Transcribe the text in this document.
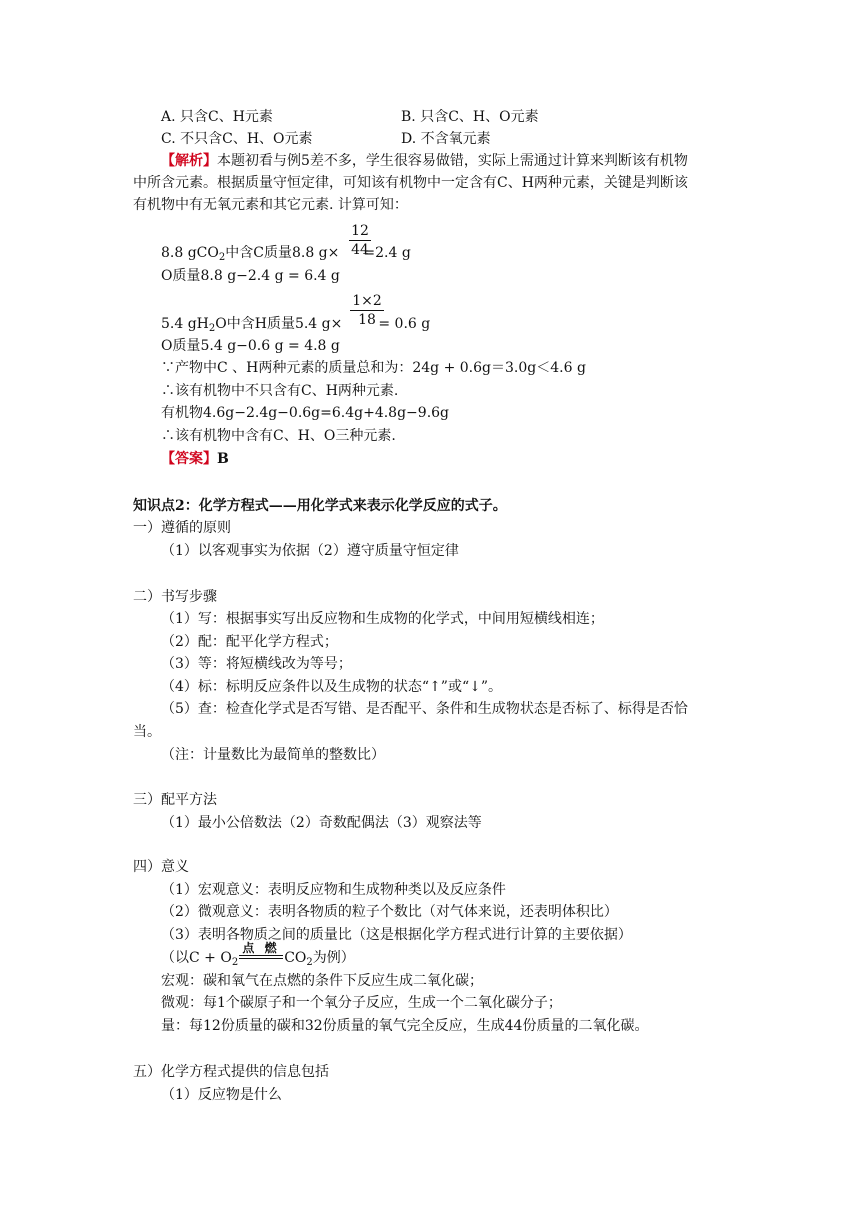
A. 只含C、H元素	B. 只含C、H、O元素
C. 不只含C、H、O元素	D. 不含氧元素
【解析】本题初看与例5差不多，学生很容易做错，实际上需通过计算来判断该有机物
中所含元素。根据质量守恒定律，可知该有机物中一定含有C、H两种元素，关键是判断该
有机物中有无氧元素和其它元素. 计算可知：
8.8 gCO$_2$中含C质量8.8 g× =2.4 g
12
44
O质量8.8 g−2.4 g = 6.4 g
5.4 $gH_2O$中含H质量5.4 g×	= 0.6 g
1×2
18
O质量5.4 g−0.6 g = 4.8 g
∵产物中C 、H两种元素的质量总和为：24g + 0.6g＝3.0g＜4.6 g
∴该有机物中不只含有C、H两种元素.
有机物4.6g−2.4g−0.6g=6.4g+4.8g−9.6g
∴该有机物中含有C、H、O三种元素.
【答案】B
知识点2：化学方程式——用化学式来表示化学反应的式子。
一）遵循的原则
（1）以客观事实为依据（2）遵守质量守恒定律
二）书写步骤
（1）写：根据事实写出反应物和生成物的化学式，中间用短横线相连；
（2）配：配平化学方程式；
（3）等：将短横线改为等号；
（4）标：标明反应条件以及生成物的状态“↑”或“↓”。
（5）查：检查化学式是否写错、是否配平、条件和生成物状态是否标了、标得是否恰
当。
（注：计量数比为最简单的整数比）
三）配平方法
（1）最小公倍数法（2）奇数配偶法（3）观察法等
四）意义
（1）宏观意义：表明反应物和生成物种类以及反应条件
（2）微观意义：表明各物质的粒子个数比（对气体来说，还表明体积比）
（3）表明各物质之间的质量比（这是根据化学方程式进行计算的主要依据）
（以$C + O_2$	$CO_2$为例）
点 燃
宏观：碳和氧气在点燃的条件下反应生成二氧化碳；
微观：每1个碳原子和一个氧分子反应，生成一个二氧化碳分子；
量：每12份质量的碳和32份质量的氧气完全反应，生成44份质量的二氧化碳。
五）化学方程式提供的信息包括
（1）反应物是什么
